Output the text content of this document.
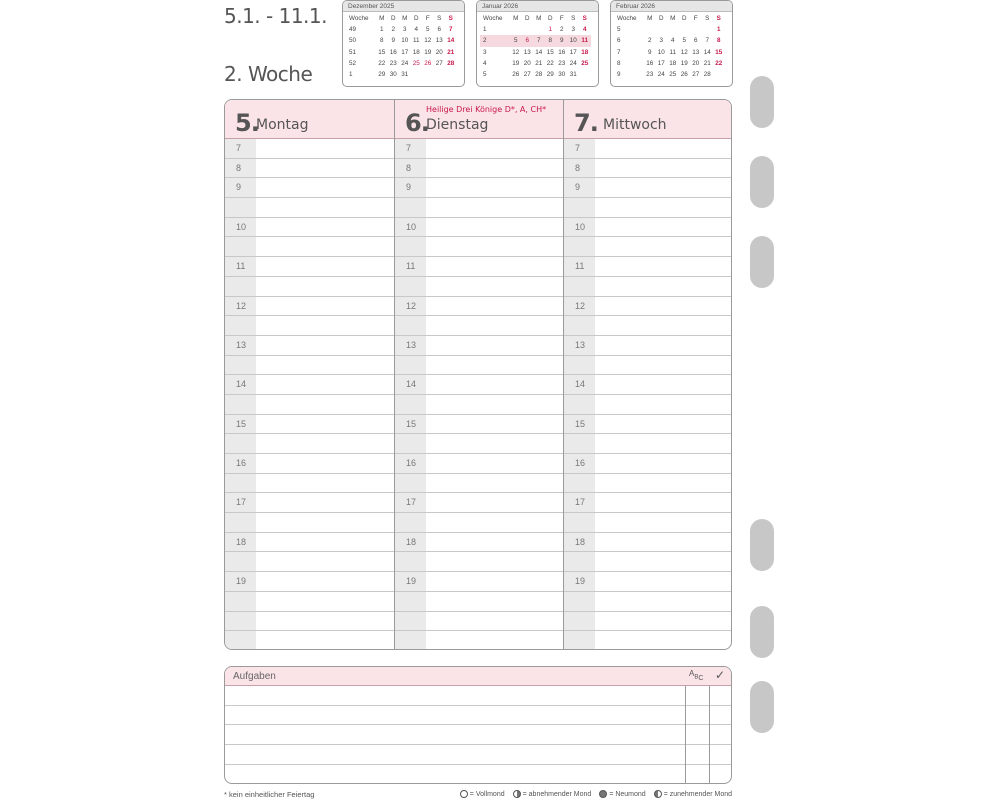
5.1. - 11.1.
2. Woche
Dezember 2025
Woche	M	D	M	D	F	S	S
49	1	2	3	4	5	6	7
50	8	9	10	11	12	13	14
51	15	16	17	18	19	20	21
52	22	23	24	25	26	27	28
1	29	30	31				
Januar 2026
Woche	M	D	M	D	F	S	S
1				1	2	3	4
2	5	6	7	8	9	10	11
3	12	13	14	15	16	17	18
4	19	20	21	22	23	24	25
5	26	27	28	29	30	31	
Februar 2026
Woche	M	D	M	D	F	S	S
5							1
6	2	3	4	5	6	7	8
7	9	10	11	12	13	14	15
8	16	17	18	19	20	21	22
9	23	24	25	26	27	28	
5.
Montag
7
8
9
10
11
12
13
14
15
16
17
18
19
6.
Dienstag
Heilige Drei Könige D*, A, CH*
7
8
9
10
11
12
13
14
15
16
17
18
19
7. Mittwoch
7
8
9
10
11
12
13
14
15
16
17
18
19
$A_{BC}$ ✓
Aufgaben
* kein einheitlicher Feiertag	= Vollmond	= abnehmender Mond	= Neumond	= zunehmender Mond
